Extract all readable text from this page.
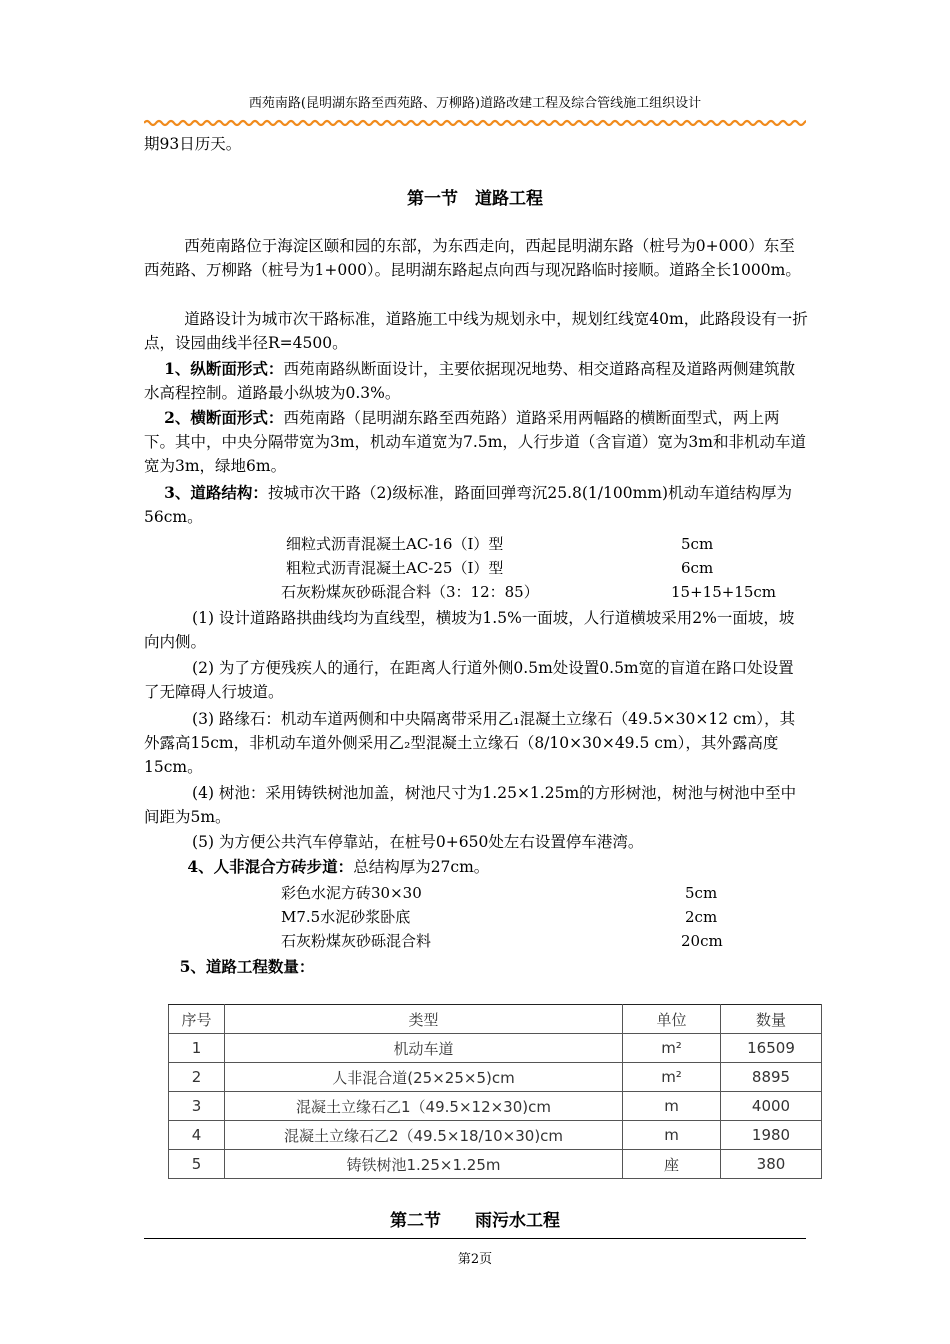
西苑南路(昆明湖东路至西苑路、万柳路)道路改建工程及综合管线施工组织设计
期93日历天。
第一节　道路工程
西苑南路位于海淀区颐和园的东部，为东西走向，西起昆明湖东路（桩号为0+000）东至西苑路、万柳路（桩号为1+000）。昆明湖东路起点向西与现况路临时接顺。道路全长1000m。
道路设计为城市次干路标准，道路施工中线为规划永中，规划红线宽40m，此路段设有一折点，设园曲线半径R=4500。
1、纵断面形式：西苑南路纵断面设计，主要依据现况地势、相交道路高程及道路两侧建筑散水高程控制。道路最小纵坡为0.3%。
2、横断面形式：西苑南路（昆明湖东路至西苑路）道路采用两幅路的横断面型式，两上两下。其中，中央分隔带宽为3m，机动车道宽为7.5m，人行步道（含盲道）宽为3m和非机动车道宽为3m，绿地6m。
3、道路结构：按城市次干路（2)级标准，路面回弹弯沉25.8(1/100mm)机动车道结构厚为56cm。
细粒式沥青混凝土AC-16（Ⅰ）型	5cm
粗粒式沥青混凝土AC-25（Ⅰ）型	6cm
石灰粉煤灰砂砾混合料（3：12：85）	15+15+15cm
(1) 设计道路路拱曲线均为直线型，横坡为1.5%一面坡，人行道横坡采用2%一面坡，坡向内侧。
(2) 为了方便残疾人的通行，在距离人行道外侧0.5m处设置0.5m宽的盲道在路口处设置了无障碍人行坡道。
(3) 路缘石：机动车道两侧和中央隔离带采用乙₁混凝土立缘石（49.5×30×12 cm），其外露高15cm，非机动车道外侧采用乙₂型混凝土立缘石（8/10×30×49.5 cm），其外露高度15cm。
(4) 树池：采用铸铁树池加盖，树池尺寸为1.25×1.25m的方形树池，树池与树池中至中间距为5m。
(5) 为方便公共汽车停靠站，在桩号0+650处左右设置停车港湾。
4、人非混合方砖步道：总结构厚为27cm。
彩色水泥方砖30×30	5cm
M7.5水泥砂浆卧底	2cm
石灰粉煤灰砂砾混合料	20cm
5、道路工程数量：
序号	类型	单位	数量
1	机动车道	m²	16509
2	人非混合道(25×25×5)cm	m²	8895
3	混凝土立缘石乙1（49.5×12×30)cm	m	4000
4	混凝土立缘石乙2（49.5×18/10×30)cm	m	1980
5	铸铁树池1.25×1.25m	座	380
第二节　　雨污水工程
第2页
